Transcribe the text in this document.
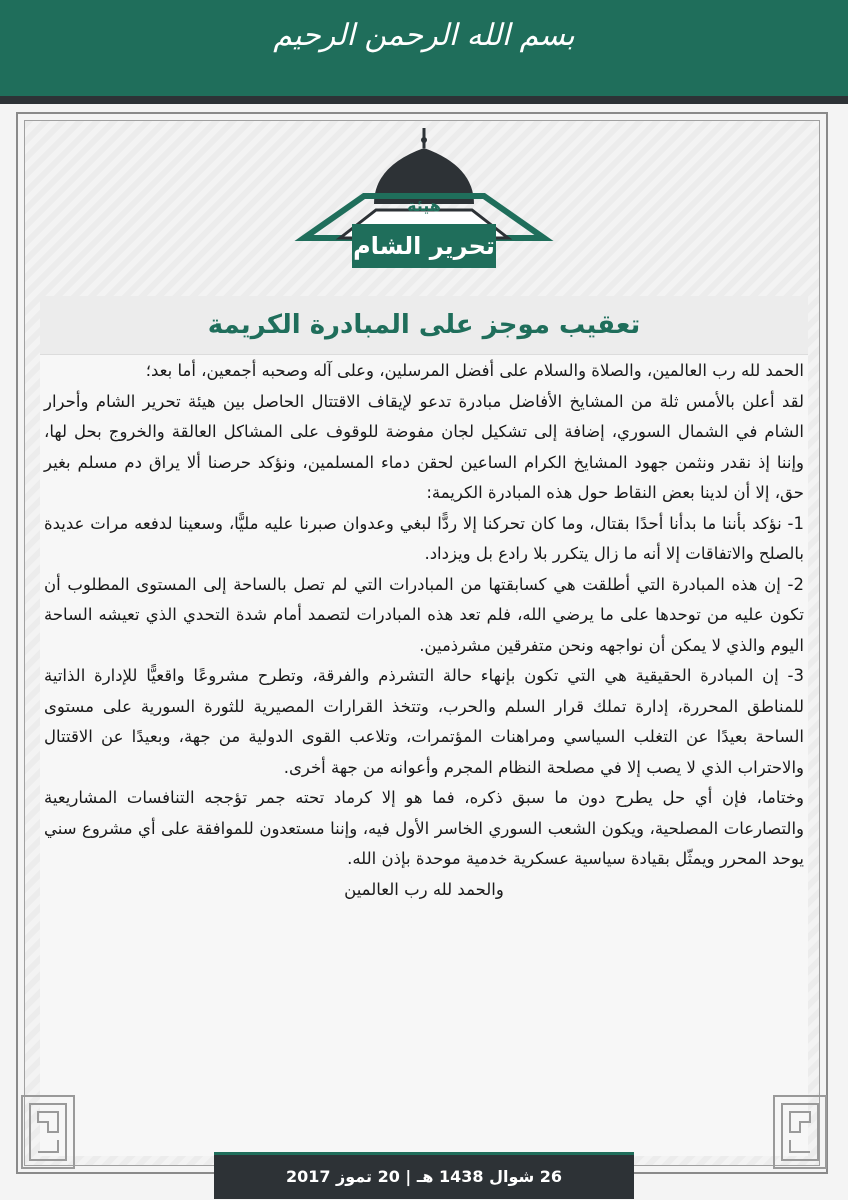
بسم الله الرحمن الرحيم
هيئة
تحرير الشام
تعقيب موجز على المبادرة الكريمة

الحمد لله رب العالمين، والصلاة والسلام على أفضل المرسلين، وعلى آله وصحبه أجمعين، أما بعد؛

لقد أعلن بالأمس ثلة من المشايخ الأفاضل مبادرة تدعو لإيقاف الاقتتال الحاصل بين هيئة تحرير الشام وأحرار الشام في الشمال السوري، إضافة إلى تشكيل لجان مفوضة للوقوف على المشاكل العالقة والخروج بحل لها، وإننا إذ نقدر ونثمن جهود المشايخ الكرام الساعين لحقن دماء المسلمين، ونؤكد حرصنا ألا يراق دم مسلم بغير حق، إلا أن لدينا بعض النقاط حول هذه المبادرة الكريمة:

1- نؤكد بأننا ما بدأنا أحدًا بقتال، وما كان تحركنا إلا ردًّا لبغي وعدوان صبرنا عليه مليًّا، وسعينا لدفعه مرات عديدة بالصلح والاتفاقات إلا أنه ما زال يتكرر بلا رادع بل ويزداد.

2- إن هذه المبادرة التي أطلقت هي كسابقتها من المبادرات التي لم تصل بالساحة إلى المستوى المطلوب أن تكون عليه من توحدها على ما يرضي الله، فلم تعد هذه المبادرات لتصمد أمام شدة التحدي الذي تعيشه الساحة اليوم والذي لا يمكن أن نواجهه ونحن متفرقين مشرذمين.

3- إن المبادرة الحقيقية هي التي تكون بإنهاء حالة التشرذم والفرقة، وتطرح مشروعًا واقعيًّا للإدارة الذاتية للمناطق المحررة، إدارة تملك قرار السلم والحرب، وتتخذ القرارات المصيرية للثورة السورية على مستوى الساحة بعيدًا عن التغلب السياسي ومراهنات المؤتمرات، وتلاعب القوى الدولية من جهة، وبعيدًا عن الاقتتال والاحتراب الذي لا يصب إلا في مصلحة النظام المجرم وأعوانه من جهة أخرى.

وختاما، فإن أي حل يطرح دون ما سبق ذكره، فما هو إلا كرماد تحته جمر تؤججه التنافسات المشاريعية والتصارعات المصلحية، ويكون الشعب السوري الخاسر الأول فيه، وإننا مستعدون للموافقة على أي مشروع سني يوحد المحرر ويمثّل بقيادة سياسية عسكرية خدمية موحدة بإذن الله.

والحمد لله رب العالمين

26 شوال 1438 هـ | 20 تموز 2017
